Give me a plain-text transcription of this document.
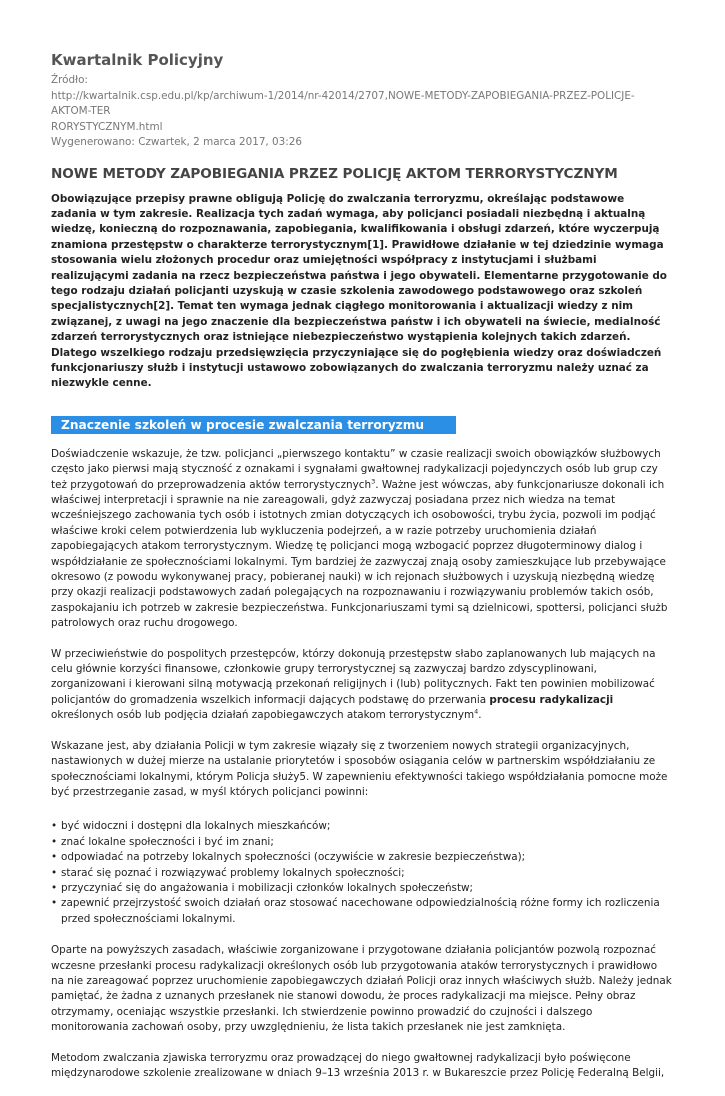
Kwartalnik Policyjny
Źródło:
http://kwartalnik.csp.edu.pl/kp/archiwum-1/2014/nr-42014/2707,NOWE-METODY-ZAPOBIEGANIA-PRZEZ-POLICJE-AKTOM-TER
RORYSTYCZNYM.html
Wygenerowano: Czwartek, 2 marca 2017, 03:26
NOWE METODY ZAPOBIEGANIA PRZEZ POLICJĘ AKTOM TERRORYSTYCZNYM

Obowiązujące przepisy prawne obligują Policję do zwalczania terroryzmu, określając podstawowe zadania w tym zakresie. Realizacja tych zadań wymaga, aby policjanci posiadali niezbędną i aktualną wiedzę, konieczną do rozpoznawania, zapobiegania, kwalifikowania i obsługi zdarzeń, które wyczerpują znamiona przestępstw o charakterze terrorystycznym[1]. Prawidłowe działanie w tej dziedzinie wymaga stosowania wielu złożonych procedur oraz umiejętności współpracy z instytucjami i służbami realizującymi zadania na rzecz bezpieczeństwa państwa i jego obywateli. Elementarne przygotowanie do tego rodzaju działań policjanti uzyskują w czasie szkolenia zawodowego podstawowego oraz szkoleń specjalistycznych[2]. Temat ten wymaga jednak ciągłego monitorowania i aktualizacji wiedzy z nim związanej, z uwagi na jego znaczenie dla bezpieczeństwa państw i ich obywateli na świecie, medialność zdarzeń terrorystycznych oraz istniejące niebezpieczeństwo wystąpienia kolejnych takich zdarzeń. Dlatego wszelkiego rodzaju przedsięwzięcia przyczyniające się do pogłębienia wiedzy oraz doświadczeń funkcjonariuszy służb i instytucji ustawowo zobowiązanych do zwalczania terroryzmu należy uznać za niezwykle cenne.

Znaczenie szkoleń w procesie zwalczania terroryzmu

Doświadczenie wskazuje, że tzw. policjanci „pierwszego kontaktu” w czasie realizacji swoich obowiązków służbowych często jako pierwsi mają styczność z oznakami i sygnałami gwałtownej radykalizacji pojedynczych osób lub grup czy też przygotowań do przeprowadzenia aktów terrorystycznych$^3$. Ważne jest wówczas, aby funkcjonariusze dokonali ich właściwej interpretacji i sprawnie na nie zareagowali, gdyż zazwyczaj posiadana przez nich wiedza na temat wcześniejszego zachowania tych osób i istotnych zmian dotyczących ich osobowości, trybu życia, pozwoli im podjąć właściwe kroki celem potwierdzenia lub wykluczenia podejrzeń, a w razie potrzeby uruchomienia działań zapobiegających atakom terrorystycznym. Wiedzę tę policjanci mogą wzbogacić poprzez długoterminowy dialog i współdziałanie ze społecznościami lokalnymi. Tym bardziej że zazwyczaj znają osoby zamieszkujące lub przebywające okresowo (z powodu wykonywanej pracy, pobieranej nauki) w ich rejonach służbowych i uzyskują niezbędną wiedzę przy okazji realizacji podstawowych zadań polegających na rozpoznawaniu i rozwiązywaniu problemów takich osób, zaspokajaniu ich potrzeb w zakresie bezpieczeństwa. Funkcjonariuszami tymi są dzielnicowi, spottersi, policjanci służb patrolowych oraz ruchu drogowego.

W przeciwieństwie do pospolitych przestępców, którzy dokonują przestępstw słabo zaplanowanych lub mających na celu głównie korzyści finansowe, członkowie grupy terrorystycznej są zazwyczaj bardzo zdyscyplinowani, zorganizowani i kierowani silną motywacją przekonań religijnych i (lub) politycznych. Fakt ten powinien mobilizować policjantów do gromadzenia wszelkich informacji dających podstawę do przerwania procesu radykalizacji określonych osób lub podjęcia działań zapobiegawczych atakom terrorystycznym$^4$.

Wskazane jest, aby działania Policji w tym zakresie wiązały się z tworzeniem nowych strategii organizacyjnych, nastawionych w dużej mierze na ustalanie priorytetów i sposobów osiągania celów w partnerskim współdziałaniu ze społecznościami lokalnymi, którym Policja służy5. W zapewnieniu efektywności takiego współdziałania pomocne może być przestrzeganie zasad, w myśl których policjanci powinni:

• być widoczni i dostępni dla lokalnych mieszkańców;
• znać lokalne społeczności i być im znani;
• odpowiadać na potrzeby lokalnych społeczności (oczywiście w zakresie bezpieczeństwa);
• starać się poznać i rozwiązywać problemy lokalnych społeczności;
• przyczyniać się do angażowania i mobilizacji członków lokalnych społeczeństw;
• zapewnić przejrzystość swoich działań oraz stosować nacechowane odpowiedzialnością różne formy ich rozliczenia przed społecznościami lokalnymi.

Oparte na powyższych zasadach, właściwie zorganizowane i przygotowane działania policjantów pozwolą rozpoznać wczesne przesłanki procesu radykalizacji określonych osób lub przygotowania ataków terrorystycznych i prawidłowo na nie zareagować poprzez uruchomienie zapobiegawczych działań Policji oraz innych właściwych służb. Należy jednak pamiętać, że żadna z uznanych przesłanek nie stanowi dowodu, że proces radykalizacji ma miejsce. Pełny obraz otrzymamy, oceniając wszystkie przesłanki. Ich stwierdzenie powinno prowadzić do czujności i dalszego monitorowania zachowań osoby, przy uwzględnieniu, że lista takich przesłanek nie jest zamknięta.

Metodom zwalczania zjawiska terroryzmu oraz prowadzącej do niego gwałtownej radykalizacji było poświęcone międzynarodowe szkolenie zrealizowane w dniach 9–13 września 2013 r. w Bukareszcie przez Policję Federalną Belgii,
